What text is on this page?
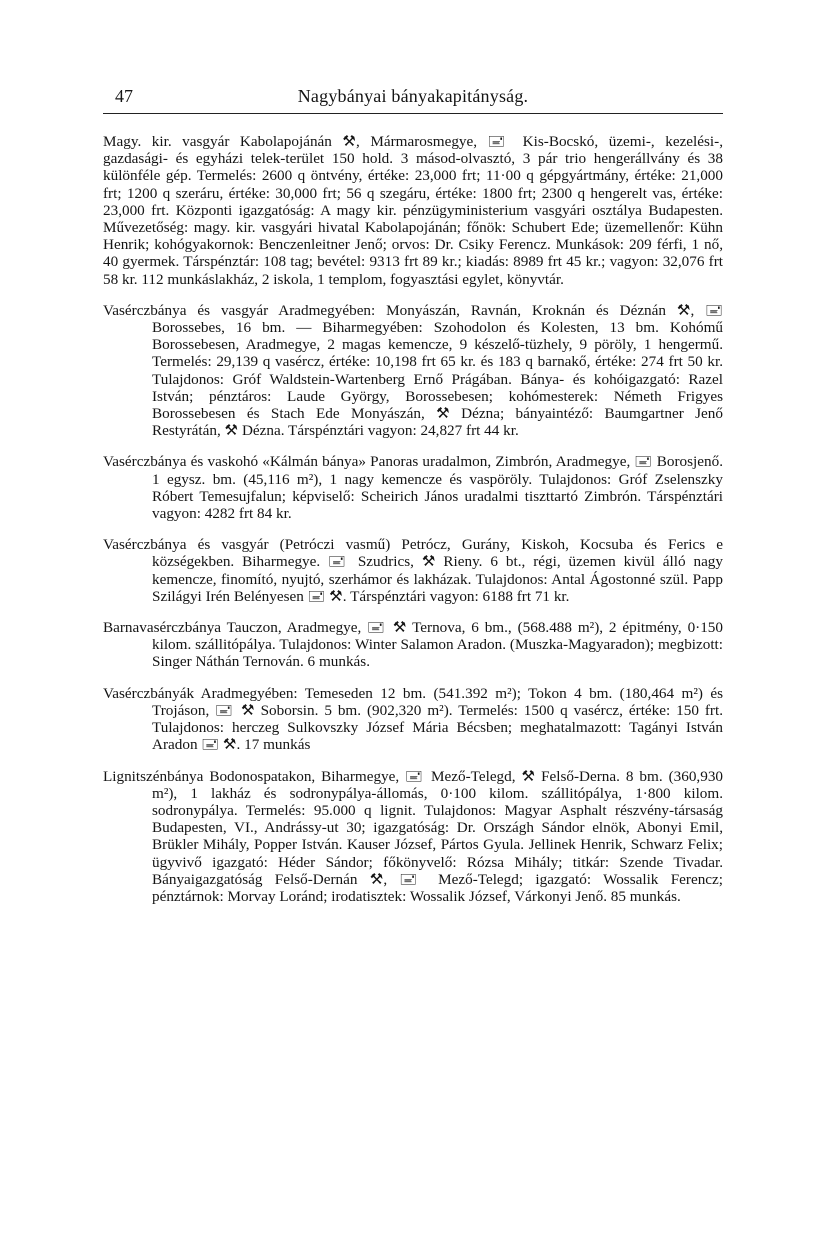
47	Nagybányai bányakapitányság.

Magy. kir. vasgyár Kabolapojánán ⚒, Mármarosmegye, 🖃 Kis-Bocskó, üzemi-, kezelési-, gazdasági- és egyházi telek-terület 150 hold. 3 másod-olvasztó, 3 pár trio hengerállvány és 38 különféle gép. Termelés: 2600 q öntvény, értéke: 23,000 frt; 11·00 q gépgyártmány, értéke: 21,000 frt; 1200 q szeráru, értéke: 30,000 frt; 56 q szegáru, értéke: 1800 frt; 2300 q hengerelt vas, értéke: 23,000 frt. Központi igazgatóság: A magy kir. pénzügyministerium vasgyári osztálya Budapesten. Művezetőség: magy. kir. vasgyári hivatal Kabolapojánán; főnök: Schubert Ede; üzemellenőr: Kühn Henrik; kohógyakornok: Benczenleitner Jenő; orvos: Dr. Csiky Ferencz. Munkások: 209 férfi, 1 nő, 40 gyermek. Társpénztár: 108 tag; bevétel: 9313 frt 89 kr.; kiadás: 8989 frt 45 kr.; vagyon: 32,076 frt 58 kr. 112 munkáslakház, 2 iskola, 1 templom, fogyasztási egylet, könyvtár.

Vasérczbánya és vasgyár Aradmegyében: Monyászán, Ravnán, Kroknán és Déznán ⚒, 🖃 Borossebes, 16 bm. — Biharmegyében: Szohodolon és Kolesten, 13 bm. Kohómű Borossebesen, Aradmegye, 2 magas kemencze, 9 készelő-tüzhely, 9 pöröly, 1 hengermű. Termelés: 29,139 q vasércz, értéke: 10,198 frt 65 kr. és 183 q barnakő, értéke: 274 frt 50 kr. Tulajdonos: Gróf Waldstein-Wartenberg Ernő Prágában. Bánya- és kohóigazgató: Razel István; pénztáros: Laude György, Borossebesen; kohómesterek: Németh Frigyes Borossebesen és Stach Ede Monyászán, ⚒ Dézna; bányaintéző: Baumgartner Jenő Restyrátán, ⚒ Dézna. Társpénztári vagyon: 24,827 frt 44 kr.

Vasérczbánya és vaskohó «Kálmán bánya» Panoras uradalmon, Zimbrón, Aradmegye, 🖃 Borosjenő. 1 egysz. bm. (45,116 m²), 1 nagy kemencze és vaspöröly. Tulajdonos: Gróf Zselenszky Róbert Temesujfalun; képviselő: Scheirich János uradalmi tiszttartó Zimbrón. Társpénztári vagyon: 4282 frt 84 kr.

Vasérczbánya és vasgyár (Petróczi vasmű) Petrócz, Gurány, Kiskoh, Kocsuba és Ferics e községekben. Biharmegye. 🖃 Szudrics, ⚒ Rieny. 6 bt., régi, üzemen kivül álló nagy kemencze, finomító, nyujtó, szerhámor és lakházak. Tulajdonos: Antal Ágostonné szül. Papp Szilágyi Irén Belényesen 🖃 ⚒. Társpénztári vagyon: 6188 frt 71 kr.

Barnavasérczbánya Tauczon, Aradmegye, 🖃 ⚒ Ternova, 6 bm., (568.488 m²), 2 épitmény, 0·150 kilom. szállitópálya. Tulajdonos: Winter Salamon Aradon. (Muszka-Magyaradon); megbizott: Singer Náthán Ternován. 6 munkás.

Vasérczbányák Aradmegyében: Temeseden 12 bm. (541.392 m²); Tokon 4 bm. (180,464 m²) és Trojáson, 🖃 ⚒ Soborsin. 5 bm. (902,320 m²). Termelés: 1500 q vasércz, értéke: 150 frt. Tulajdonos: herczeg Sulkovszky József Mária Bécsben; meghatalmazott: Tagányi István Aradon 🖃 ⚒. 17 munkás

Lignitszénbánya Bodonospatakon, Biharmegye, 🖃 Mező-Telegd, ⚒ Felső-Derna. 8 bm. (360,930 m²), 1 lakház és sodronypálya-állomás, 0·100 kilom. szállitópálya, 1·800 kilom. sodronypálya. Termelés: 95.000 q lignit. Tulajdonos: Magyar Asphalt részvény-társaság Budapesten, VI., Andrássy-ut 30; igazgatóság: Dr. Országh Sándor elnök, Abonyi Emil, Brükler Mihály, Popper István. Kauser József, Pártos Gyula. Jellinek Henrik, Schwarz Felix; ügyvivő igazgató: Héder Sándor; főkönyvelő: Rózsa Mihály; titkár: Szende Tivadar. Bányaigazgatóság Felső-Dernán ⚒, 🖃 Mező-Telegd; igazgató: Wossalik Ferencz; pénztárnok: Morvay Loránd; irodatisztek: Wossalik József, Várkonyi Jenő. 85 munkás.
